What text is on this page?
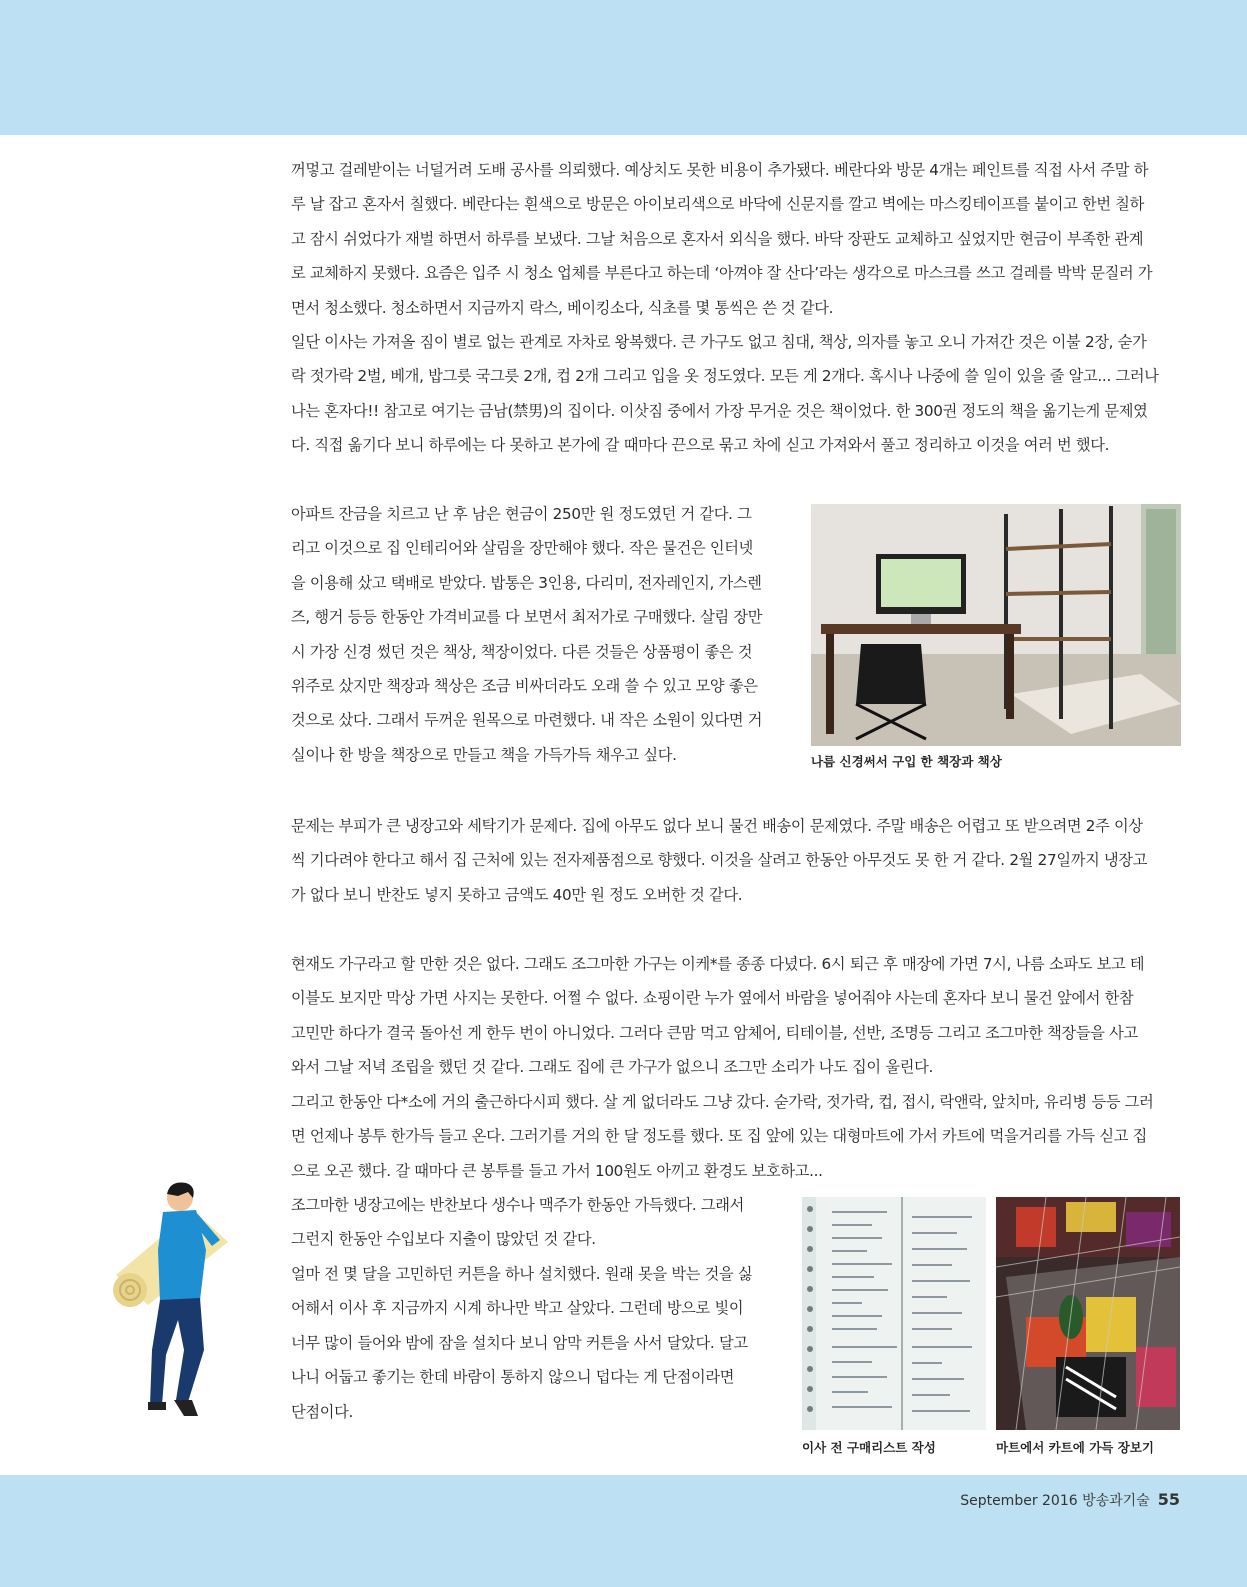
꺼멓고 걸레받이는 너덜거려 도배 공사를 의뢰했다. 예상치도 못한 비용이 추가됐다. 베란다와 방문 4개는 페인트를 직접 사서 주말 하
루 날 잡고 혼자서 칠했다. 베란다는 흰색으로 방문은 아이보리색으로 바닥에 신문지를 깔고 벽에는 마스킹테이프를 붙이고 한번 칠하
고 잠시 쉬었다가 재벌 하면서 하루를 보냈다. 그날 처음으로 혼자서 외식을 했다. 바닥 장판도 교체하고 싶었지만 현금이 부족한 관계
로 교체하지 못했다. 요즘은 입주 시 청소 업체를 부른다고 하는데 ‘아껴야 잘 산다’라는 생각으로 마스크를 쓰고 걸레를 박박 문질러 가
면서 청소했다. 청소하면서 지금까지 락스, 베이킹소다, 식초를 몇 통씩은 쓴 것 같다.
일단 이사는 가져올 짐이 별로 없는 관계로 자차로 왕복했다. 큰 가구도 없고 침대, 책상, 의자를 놓고 오니 가져간 것은 이불 2장, 숟가
락 젓가락 2벌, 베개, 밥그릇 국그릇 2개, 컵 2개 그리고 입을 옷 정도였다. 모든 게 2개다. 혹시나 나중에 쓸 일이 있을 줄 알고... 그러나
나는 혼자다!! 참고로 여기는 금남(禁男)의 집이다. 이삿짐 중에서 가장 무거운 것은 책이었다. 한 300권 정도의 책을 옮기는게 문제였
다. 직접 옮기다 보니 하루에는 다 못하고 본가에 갈 때마다 끈으로 묶고 차에 싣고 가져와서 풀고 정리하고 이것을 여러 번 했다.
아파트 잔금을 치르고 난 후 남은 현금이 250만 원 정도였던 거 같다. 그
리고 이것으로 집 인테리어와 살림을 장만해야 했다. 작은 물건은 인터넷
을 이용해 샀고 택배로 받았다. 밥통은 3인용, 다리미, 전자레인지, 가스렌
즈, 행거 등등 한동안 가격비교를 다 보면서 최저가로 구매했다. 살림 장만
시 가장 신경 썼던 것은 책상, 책장이었다. 다른 것들은 상품평이 좋은 것
위주로 샀지만 책장과 책상은 조금 비싸더라도 오래 쓸 수 있고 모양 좋은
것으로 샀다. 그래서 두꺼운 원목으로 마련했다. 내 작은 소원이 있다면 거
실이나 한 방을 책장으로 만들고 책을 가득가득 채우고 싶다.	나름 신경써서 구입 한 책장과 책상
문제는 부피가 큰 냉장고와 세탁기가 문제다. 집에 아무도 없다 보니 물건 배송이 문제였다. 주말 배송은 어렵고 또 받으려면 2주 이상
씩 기다려야 한다고 해서 집 근처에 있는 전자제품점으로 향했다. 이것을 살려고 한동안 아무것도 못 한 거 같다. 2월 27일까지 냉장고
가 없다 보니 반찬도 넣지 못하고 금액도 40만 원 정도 오버한 것 같다.
현재도 가구라고 할 만한 것은 없다. 그래도 조그마한 가구는 이케*를 종종 다녔다. 6시 퇴근 후 매장에 가면 7시, 나름 소파도 보고 테
이블도 보지만 막상 가면 사지는 못한다. 어쩔 수 없다. 쇼핑이란 누가 옆에서 바람을 넣어줘야 사는데 혼자다 보니 물건 앞에서 한참
고민만 하다가 결국 돌아선 게 한두 번이 아니었다. 그러다 큰맘 먹고 암체어, 티테이블, 선반, 조명등 그리고 조그마한 책장들을 사고
와서 그날 저녁 조립을 했던 것 같다. 그래도 집에 큰 가구가 없으니 조그만 소리가 나도 집이 울린다.
그리고 한동안 다*소에 거의 출근하다시피 했다. 살 게 없더라도 그냥 갔다. 숟가락, 젓가락, 컵, 접시, 락앤락, 앞치마, 유리병 등등 그러
면 언제나 봉투 한가득 들고 온다. 그러기를 거의 한 달 정도를 했다. 또 집 앞에 있는 대형마트에 가서 카트에 먹을거리를 가득 싣고 집
으로 오곤 했다. 갈 때마다 큰 봉투를 들고 가서 100원도 아끼고 환경도 보호하고...
조그마한 냉장고에는 반찬보다 생수나 맥주가 한동안 가득했다. 그래서
그런지 한동안 수입보다 지출이 많았던 것 같다.
얼마 전 몇 달을 고민하던 커튼을 하나 설치했다. 원래 못을 박는 것을 싫
어해서 이사 후 지금까지 시계 하나만 박고 살았다. 그런데 방으로 빛이
너무 많이 들어와 밤에 잠을 설치다 보니 암막 커튼을 사서 달았다. 달고
나니 어둡고 좋기는 한데 바람이 통하지 않으니 덥다는 게 단점이라면
단점이다.
이사 전 구매리스트 작성	마트에서 카트에 가득 장보기
September 2016 방송과기술 55
